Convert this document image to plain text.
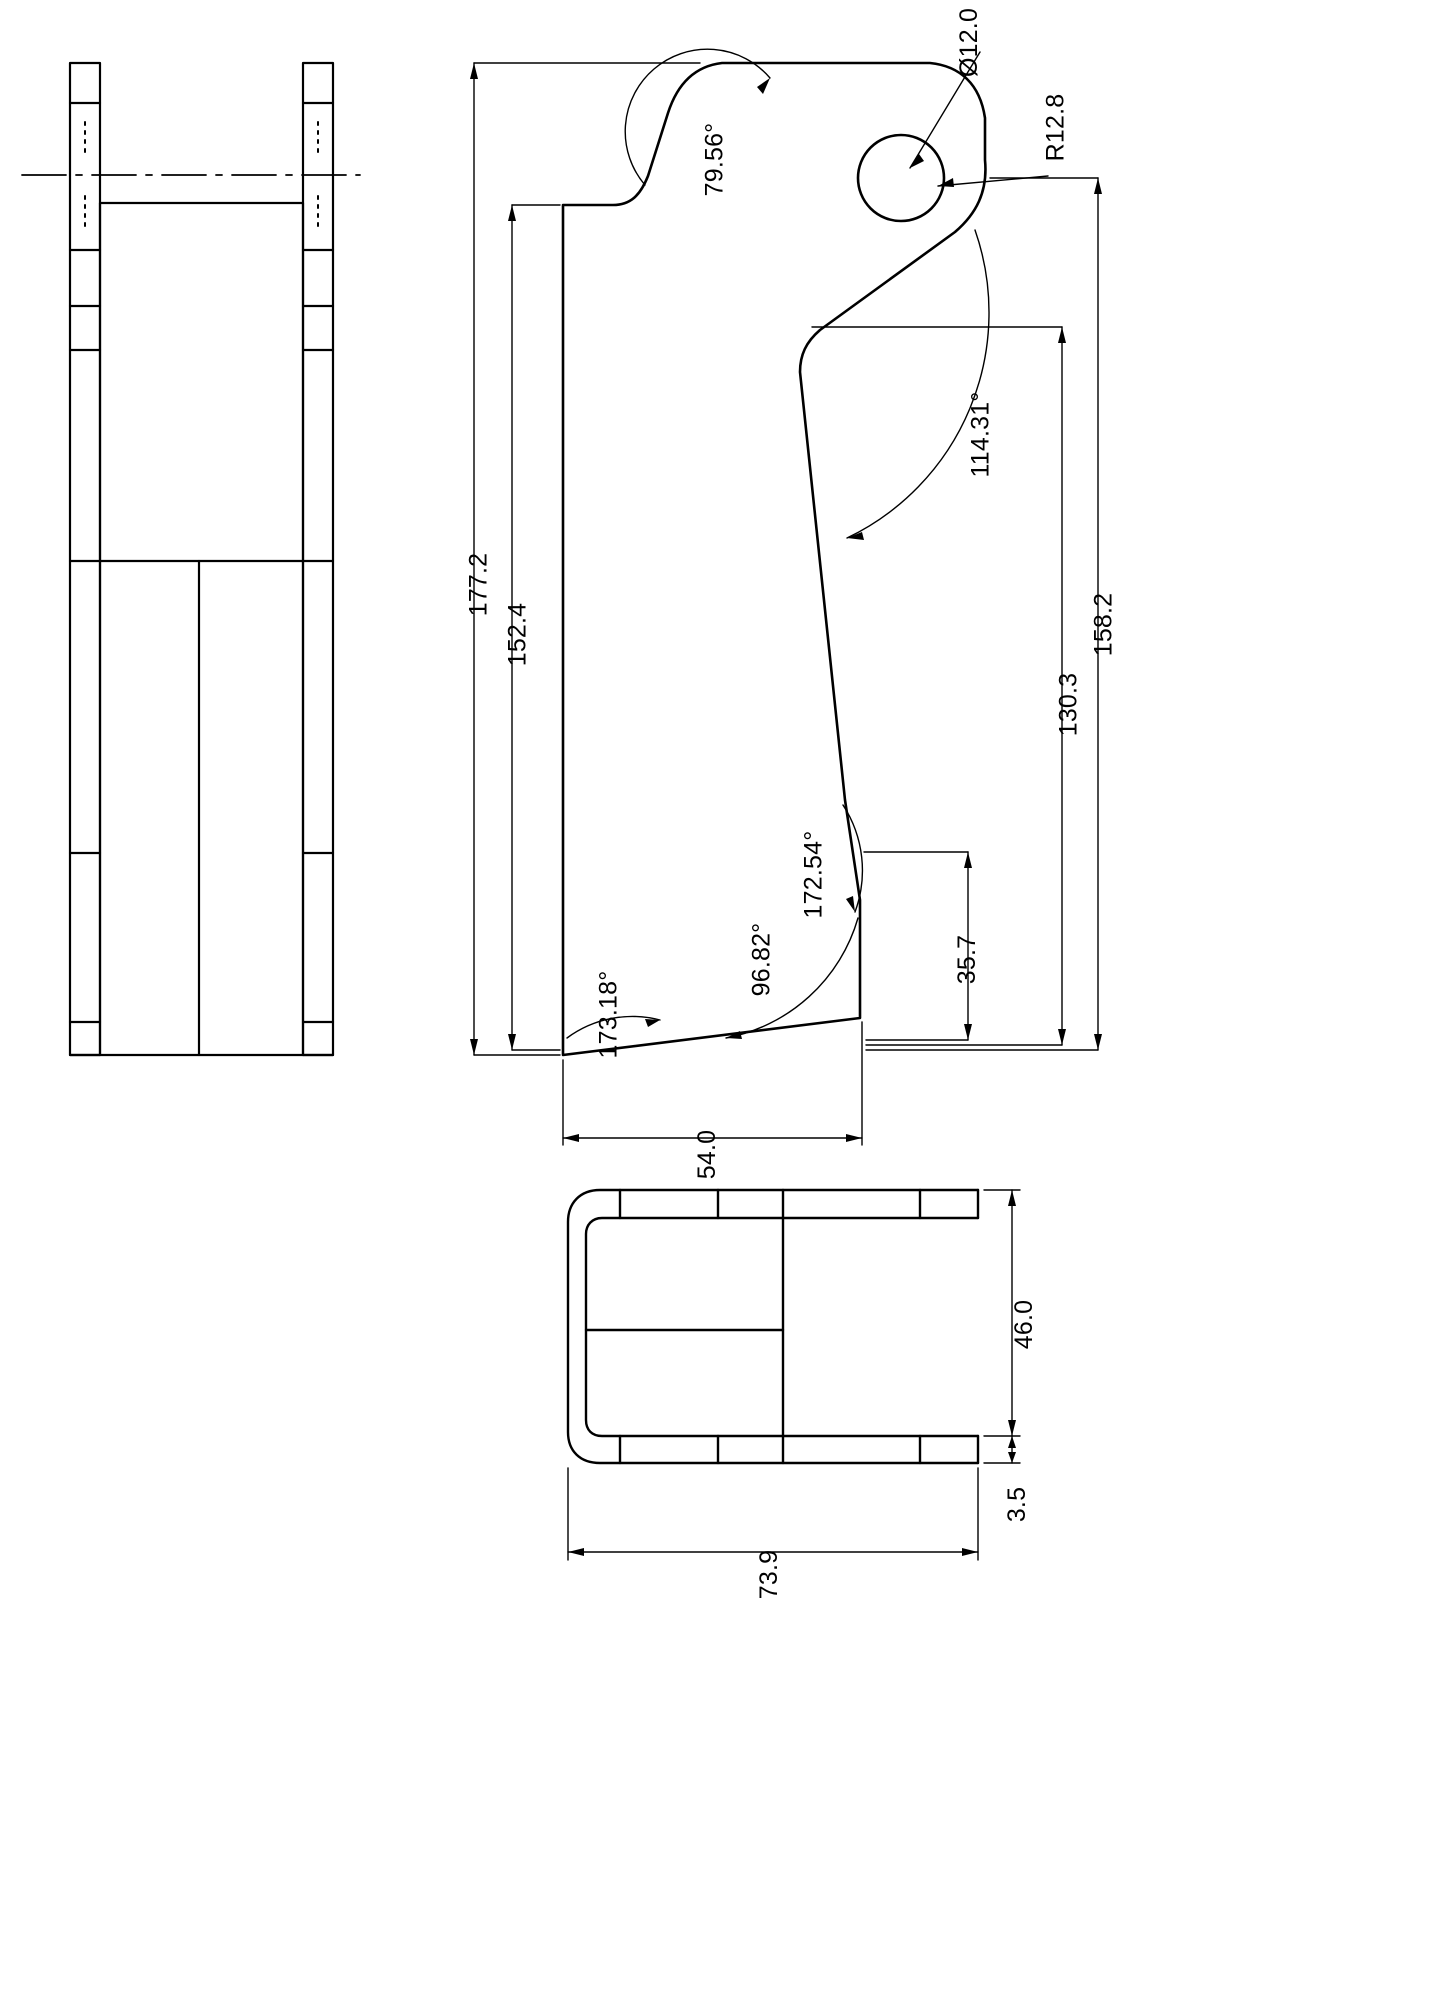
Ø12.0
R12.8
79.56°
114.31°
177.2
152.4	158.2
130.3
172.54°
96.82°	35.7
173.18°
54.0
46.0
3.5
73.9
